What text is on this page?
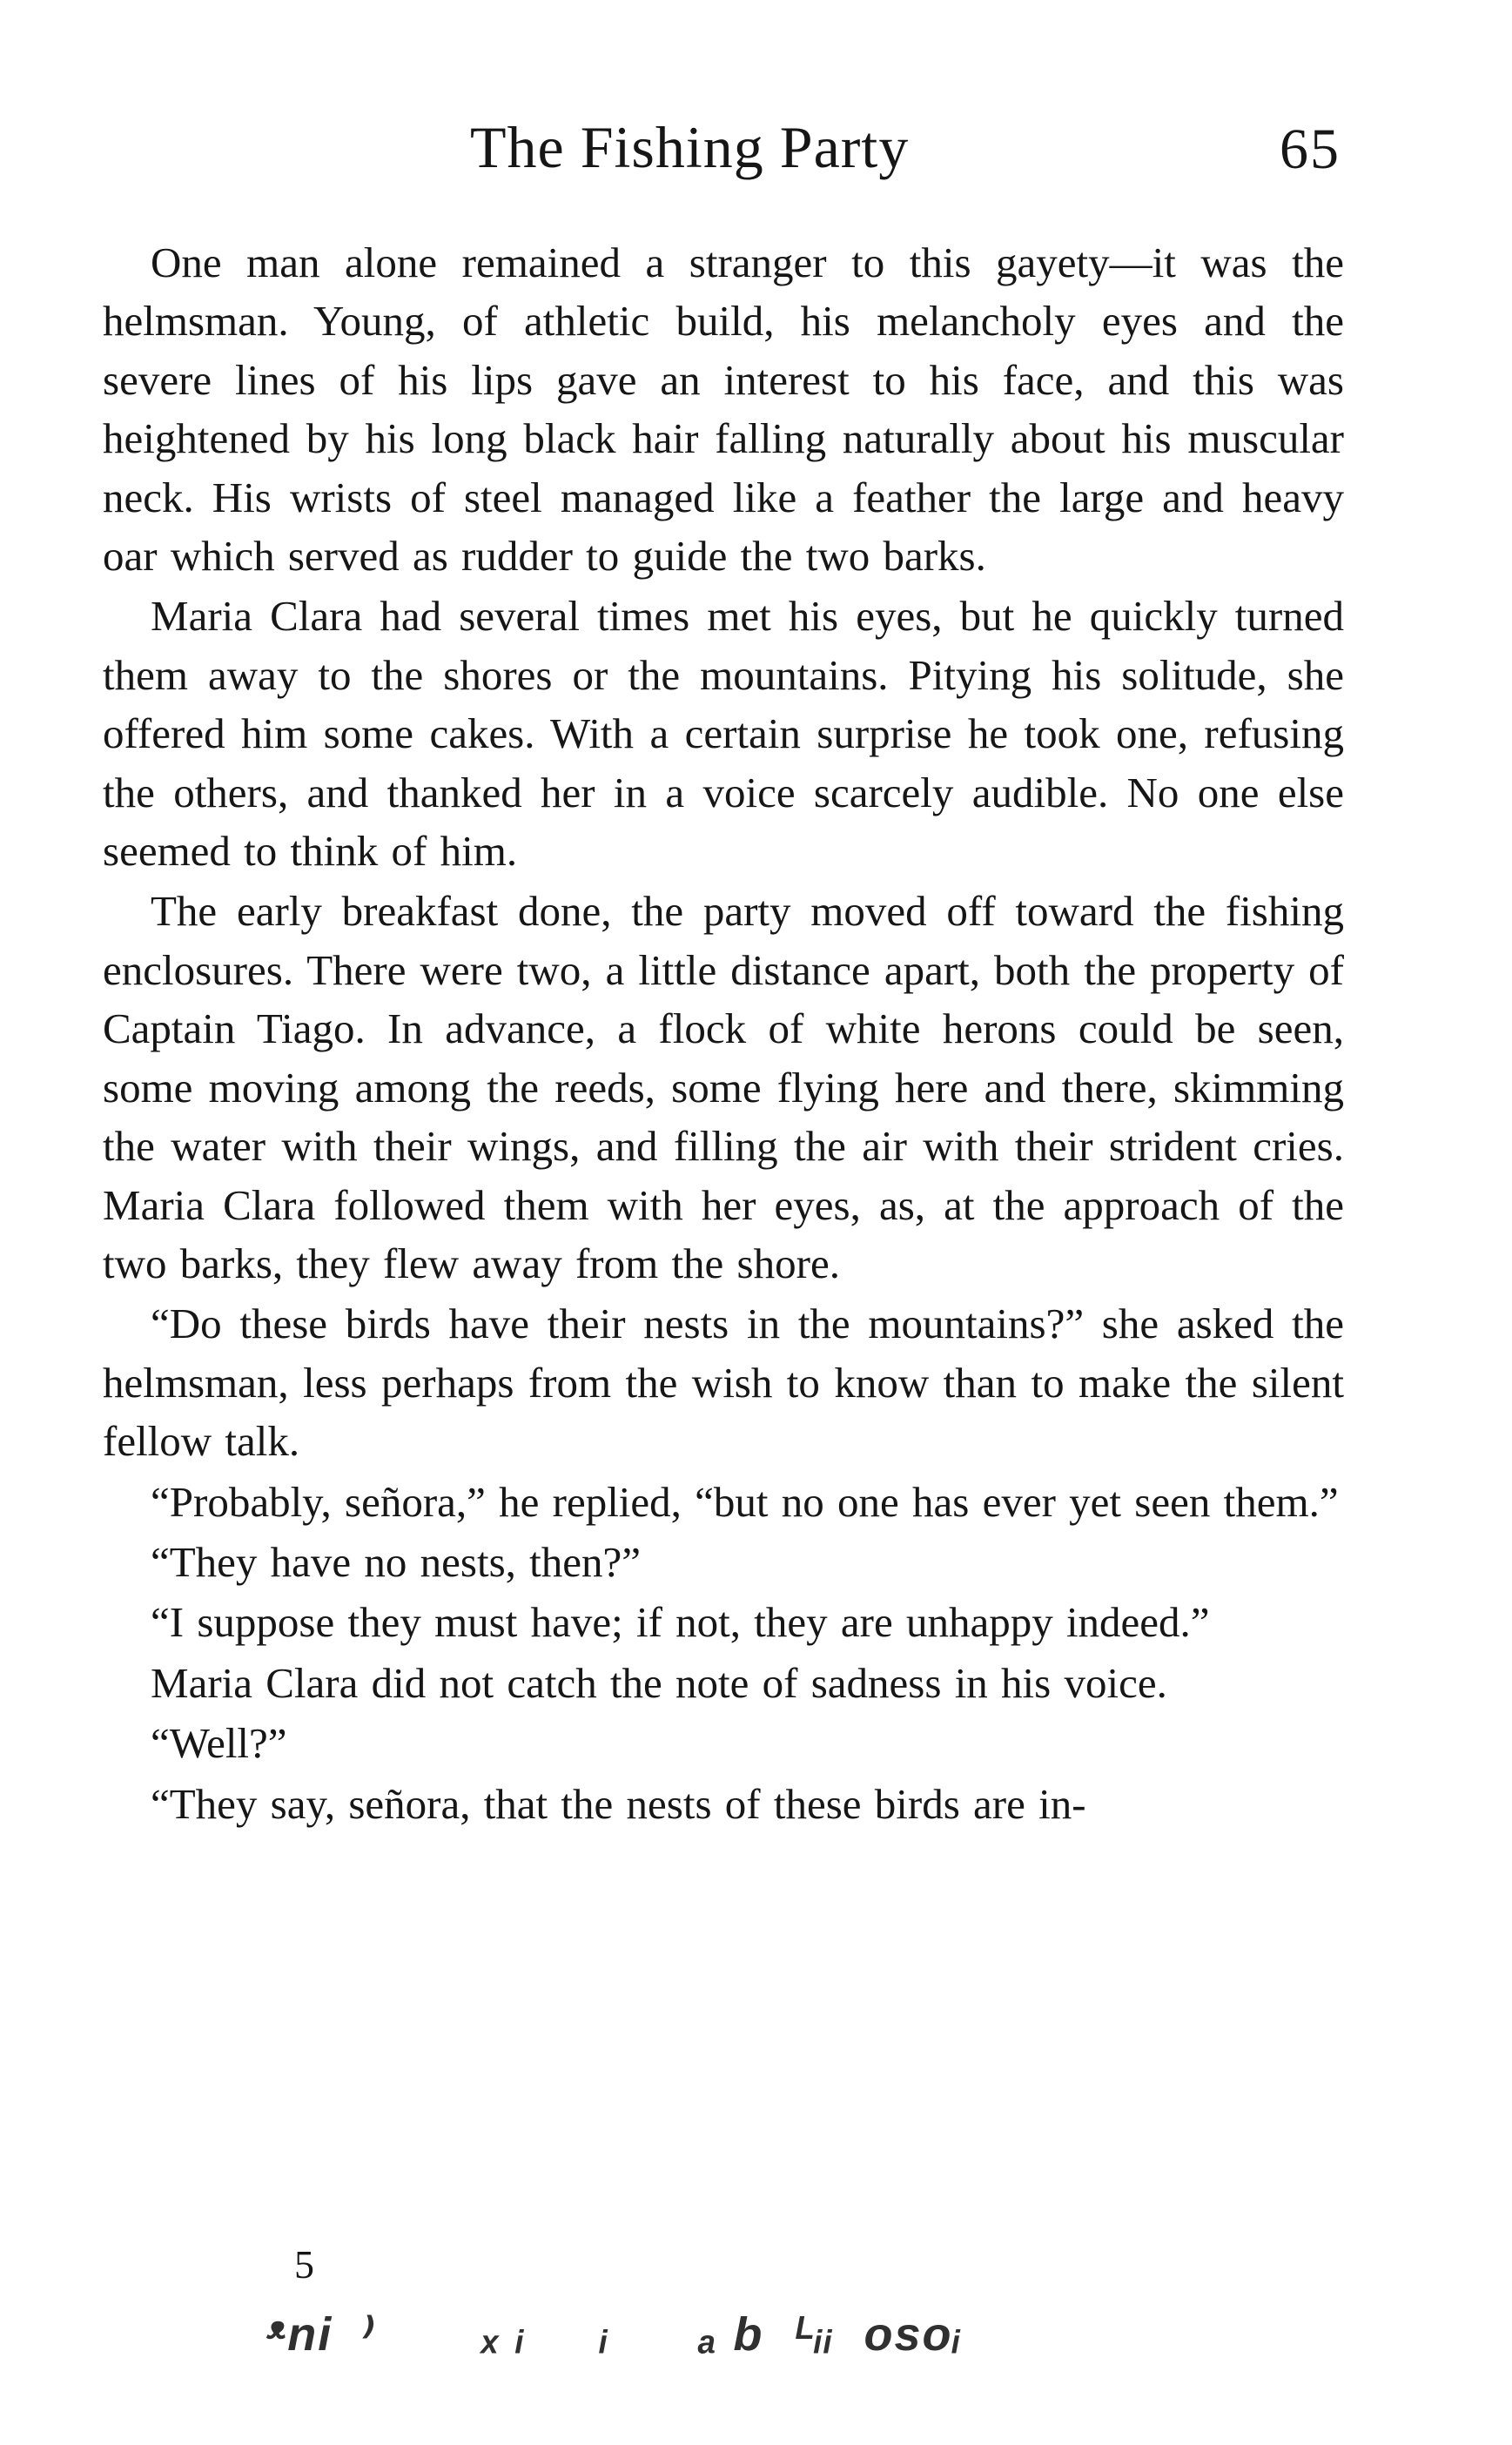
The Fishing Party	65

One man alone remained a stranger to this gayety—it was the helmsman. Young, of athletic build, his melancholy eyes and the severe lines of his lips gave an interest to his face, and this was heightened by his long black hair falling naturally about his muscular neck. His wrists of steel managed like a feather the large and heavy oar which served as rudder to guide the two barks.

Maria Clara had several times met his eyes, but he quickly turned them away to the shores or the mountains. Pitying his solitude, she offered him some cakes. With a certain surprise he took one, refusing the others, and thanked her in a voice scarcely audible. No one else seemed to think of him.

The early breakfast done, the party moved off toward the fishing enclosures. There were two, a little distance apart, both the property of Captain Tiago. In advance, a flock of white herons could be seen, some moving among the reeds, some flying here and there, skimming the water with their wings, and filling the air with their strident cries. Maria Clara followed them with her eyes, as, at the approach of the two barks, they flew away from the shore.

“Do these birds have their nests in the mountains?” she asked the helmsman, less perhaps from the wish to know than to make the silent fellow talk.

“Probably, señora,” he replied, “but no one has ever yet seen them.”

“They have no nests, then?”

“I suppose they must have; if not, they are unhappy indeed.”

Maria Clara did not catch the note of sadness in his voice.

“Well?”

“They say, señora, that the nests of these birds are in-

5
ᵜni  ⁾       ₓ ᵢ     ᵢ      ₐ b  ᴸᵢᵢ  osoᵢ
